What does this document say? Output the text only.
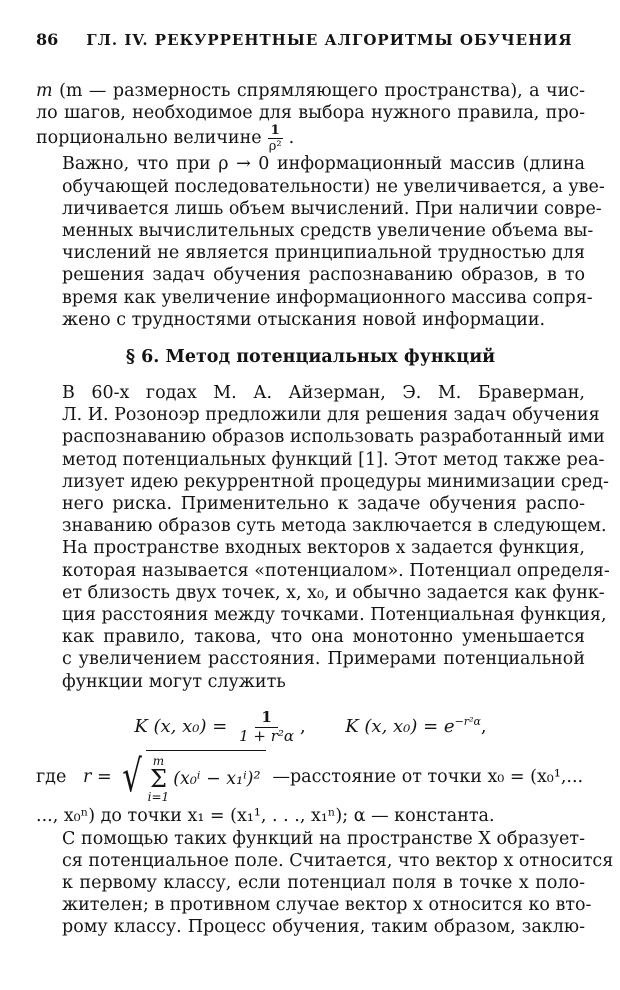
86 ГЛ. IV. РЕКУРРЕНТНЫЕ АЛГОРИТМЫ ОБУЧЕНИЯ

m (m — размерность спрямляющего пространства), а чис-
ло шагов, необходимое для выбора нужного правила, про-
порционально величине $\frac{1}{\text{ρ²}}$ .

Важно, что при ρ → 0 информационный массив (длина
обучающей последовательности) не увеличивается, а уве-
личивается лишь объем вычислений. При наличии совре-
менных вычислительных средств увеличение объема вы-
числений не является принципиальной трудностью для
решения задач обучения распознаванию образов, в то
время как увеличение информационного массива сопря-
жено с трудностями отыскания новой информации.

§ 6. Метод потенциальных функций

В 60-х годах М. А. Айзерман, Э. М. Браверман,
Л. И. Розоноэр предложили для решения задач обучения
распознаванию образов использовать разработанный ими
метод потенциальных функций [1]. Этот метод также реа-
лизует идею рекуррентной процедуры минимизации сред-
него риска. Применительно к задаче обучения распо-
знаванию образов суть метода заключается в следующем.
На пространстве входных векторов x задается функция,
которая называется «потенциалом». Потенциал определя-
ет близость двух точек, x, x₀, и обычно задается как функ-
ция расстояния между точками. Потенциальная функция,
как правило, такова, что она монотонно уменьшается
с увеличением расстояния. Примерами потенциальной
функции могут служить

K (x, $x_0) = \frac{1}{\text{1 + r²α}}$ , K (x, $x_0) = e^{-r^2\alpha}$,
где
r = √ m
Σ
i=1
(x₀ⁱ − x₁ⁱ)² —расстояние от точки x₀ = (x₀¹,...

..., x₀ⁿ) до точки x₁ = (x₁¹, . . ., x₁ⁿ); α — константа.

С помощью таких функций на пространстве X образует-
ся потенциальное поле. Считается, что вектор x относится
к первому классу, если потенциал поля в точке x поло-
жителен; в противном случае вектор x относится ко вто-
рому классу. Процесс обучения, таким образом, заклю-
